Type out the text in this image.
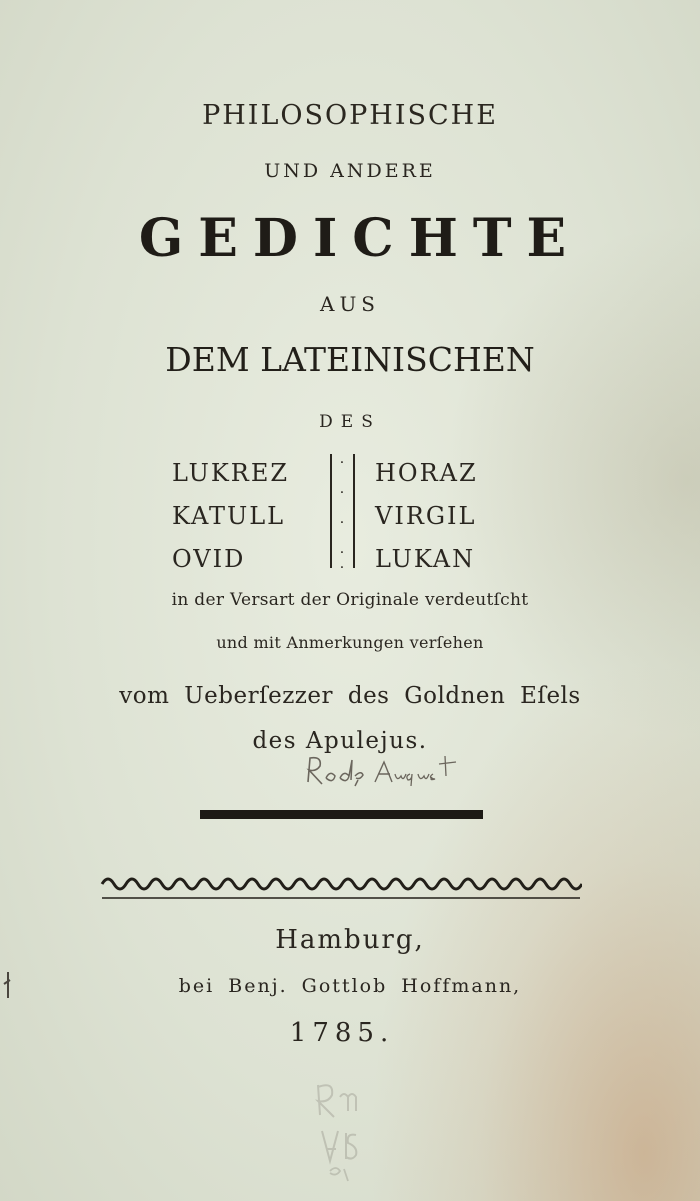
PHILOSOPHISCHE
UND ANDERE
GEDICHTE
AUS
DEM LATEINISCHEN
DES
LUKREZ
KATULL
OVID
·

·

·

·
·
HORAZ
VIRGIL
LUKAN
in der Versart der Originale verdeutſcht
und mit Anmerkungen verſehen
vom Ueberſezzer des Goldnen Eſels
des Apulejus.
Hamburg,
bei Benj. Gottlob Hoffmann,
1785.
